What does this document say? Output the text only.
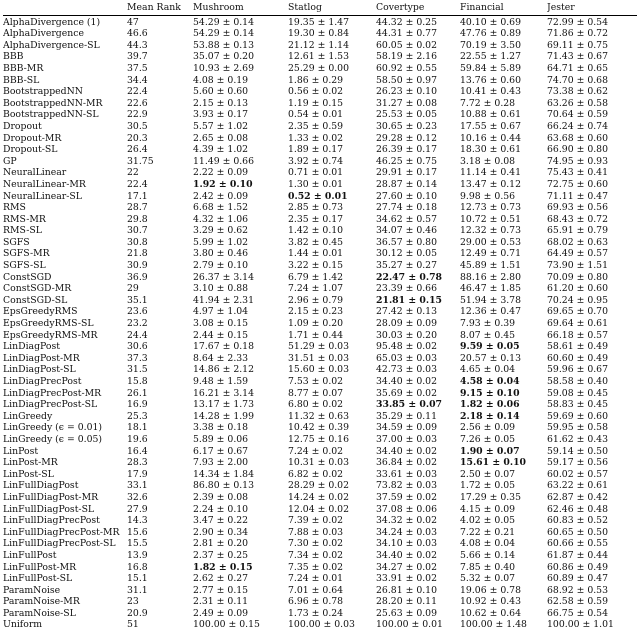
	Mean Rank	Mushroom	Statlog	Covertype	Financial	Jester
AlphaDivergence (1)	47	54.29 ± 0.14	19.35 ± 1.47	44.32 ± 0.25	40.10 ± 0.69	72.99 ± 0.54
AlphaDivergence	46.6	54.29 ± 0.14	19.30 ± 0.84	44.31 ± 0.77	47.76 ± 0.89	71.86 ± 0.72
AlphaDivergence-SL	44.3	53.88 ± 0.13	21.12 ± 1.14	60.05 ± 0.02	70.19 ± 3.50	69.11 ± 0.75
BBB	39.7	35.07 ± 0.20	12.61 ± 1.53	58.19 ± 2.16	22.55 ± 1.27	71.43 ± 0.67
BBB-MR	37.5	10.93 ± 2.69	25.29 ± 0.00	60.92 ± 0.55	59.84 ± 5.89	64.71 ± 0.65
BBB-SL	34.4	4.08 ± 0.19	1.86 ± 0.29	58.50 ± 0.97	13.76 ± 0.60	74.70 ± 0.68
BootstrappedNN	22.4	5.60 ± 0.60	0.56 ± 0.02	26.23 ± 0.10	10.41 ± 0.43	73.38 ± 0.62
BootstrappedNN-MR	22.6	2.15 ± 0.13	1.19 ± 0.15	31.27 ± 0.08	7.72 ± 0.28	63.26 ± 0.58
BootstrappedNN-SL	22.9	3.93 ± 0.17	0.54 ± 0.01	25.53 ± 0.05	10.88 ± 0.61	70.64 ± 0.59
Dropout	30.5	5.57 ± 1.02	2.35 ± 0.59	30.65 ± 0.23	17.55 ± 0.67	66.24 ± 0.74
Dropout-MR	20.3	2.65 ± 0.08	1.33 ± 0.02	29.28 ± 0.12	10.16 ± 0.44	63.68 ± 0.60
Dropout-SL	26.4	4.39 ± 1.02	1.89 ± 0.17	26.39 ± 0.17	18.30 ± 0.61	66.90 ± 0.80
GP	31.75	11.49 ± 0.66	3.92 ± 0.74	46.25 ± 0.75	3.18 ± 0.08	74.95 ± 0.93
NeuralLinear	22	2.22 ± 0.09	0.71 ± 0.01	29.91 ± 0.17	11.14 ± 0.41	75.43 ± 0.41
NeuralLinear-MR	22.4	1.92 ± 0.10	1.30 ± 0.01	28.87 ± 0.14	13.47 ± 0.12	72.75 ± 0.60
NeuralLinear-SL	17.1	2.42 ± 0.09	0.52 ± 0.01	27.60 ± 0.10	9.98 ± 0.56	71.11 ± 0.47
RMS	28.7	6.68 ± 1.52	2.85 ± 0.73	27.74 ± 0.18	12.73 ± 0.73	69.93 ± 0.56
RMS-MR	29.8	4.32 ± 1.06	2.35 ± 0.17	34.62 ± 0.57	10.72 ± 0.51	68.43 ± 0.72
RMS-SL	30.7	3.29 ± 0.62	1.42 ± 0.10	34.07 ± 0.46	12.32 ± 0.73	65.91 ± 0.79
SGFS	30.8	5.99 ± 1.02	3.82 ± 0.45	36.57 ± 0.80	29.00 ± 0.53	68.02 ± 0.63
SGFS-MR	21.8	3.80 ± 0.46	1.44 ± 0.01	30.12 ± 0.05	12.49 ± 0.71	64.49 ± 0.57
SGFS-SL	30.9	2.79 ± 0.10	3.22 ± 0.15	35.27 ± 0.27	45.89 ± 1.51	73.90 ± 1.51
ConstSGD	36.9	26.37 ± 3.14	6.79 ± 1.42	22.47 ± 0.78	88.16 ± 2.80	70.09 ± 0.80
ConstSGD-MR	29	3.10 ± 0.88	7.24 ± 1.07	23.39 ± 0.66	46.47 ± 1.85	61.20 ± 0.60
ConstSGD-SL	35.1	41.94 ± 2.31	2.96 ± 0.79	21.81 ± 0.15	51.94 ± 3.78	70.24 ± 0.95
EpsGreedyRMS	23.6	4.97 ± 1.04	2.15 ± 0.23	27.42 ± 0.13	12.36 ± 0.47	69.65 ± 0.70
EpsGreedyRMS-SL	23.2	3.08 ± 0.15	1.09 ± 0.20	28.09 ± 0.09	7.93 ± 0.39	69.64 ± 0.61
EpsGreedyRMS-MR	24.4	2.44 ± 0.15	1.71 ± 0.44	30.03 ± 0.20	8.07 ± 0.45	66.18 ± 0.57
LinDiagPost	30.6	17.67 ± 0.18	51.29 ± 0.03	95.48 ± 0.02	9.59 ± 0.05	58.61 ± 0.49
LinDiagPost-MR	37.3	8.64 ± 2.33	31.51 ± 0.03	65.03 ± 0.03	20.57 ± 0.13	60.60 ± 0.49
LinDiagPost-SL	31.5	14.86 ± 2.12	15.60 ± 0.03	42.73 ± 0.03	4.65 ± 0.04	59.96 ± 0.67
LinDiagPrecPost	15.8	9.48 ± 1.59	7.53 ± 0.02	34.40 ± 0.02	4.58 ± 0.04	58.58 ± 0.40
LinDiagPrecPost-MR	26.1	16.21 ± 3.14	8.77 ± 0.07	35.69 ± 0.02	9.15 ± 0.10	59.08 ± 0.45
LinDiagPrecPost-SL	16.9	13.17 ± 1.73	6.80 ± 0.02	33.85 ± 0.07	1.82 ± 0.06	58.83 ± 0.45
LinGreedy	25.3	14.28 ± 1.99	11.32 ± 0.63	35.29 ± 0.11	2.18 ± 0.14	59.69 ± 0.60
LinGreedy (ϵ = 0.01)	18.1	3.38 ± 0.18	10.42 ± 0.39	34.59 ± 0.09	2.56 ± 0.09	59.95 ± 0.58
LinGreedy (ϵ = 0.05)	19.6	5.89 ± 0.06	12.75 ± 0.16	37.00 ± 0.03	7.26 ± 0.05	61.62 ± 0.43
LinPost	16.4	6.17 ± 0.67	7.24 ± 0.02	34.40 ± 0.02	1.90 ± 0.07	59.14 ± 0.50
LinPost-MR	28.3	7.93 ± 2.00	10.31 ± 0.03	36.84 ± 0.02	15.61 ± 0.10	59.17 ± 0.56
LinPost-SL	17.9	14.34 ± 1.84	6.82 ± 0.02	33.61 ± 0.03	2.50 ± 0.07	60.02 ± 0.57
LinFullDiagPost	33.1	86.80 ± 0.13	28.29 ± 0.02	73.82 ± 0.03	1.72 ± 0.05	63.22 ± 0.61
LinFullDiagPost-MR	32.6	2.39 ± 0.08	14.24 ± 0.02	37.59 ± 0.02	17.29 ± 0.35	62.87 ± 0.42
LinFullDiagPost-SL	27.9	2.24 ± 0.10	12.04 ± 0.02	37.08 ± 0.06	4.15 ± 0.09	62.46 ± 0.48
LinFullDiagPrecPost	14.3	3.47 ± 0.22	7.39 ± 0.02	34.32 ± 0.02	4.02 ± 0.05	60.83 ± 0.52
LinFullDiagPrecPost-MR	15.6	2.90 ± 0.34	7.88 ± 0.03	34.24 ± 0.03	7.22 ± 0.21	60.65 ± 0.50
LinFullDiagPrecPost-SL	15.5	2.81 ± 0.20	7.30 ± 0.02	34.10 ± 0.03	4.08 ± 0.04	60.66 ± 0.55
LinFullPost	13.9	2.37 ± 0.25	7.34 ± 0.02	34.40 ± 0.02	5.66 ± 0.14	61.87 ± 0.44
LinFullPost-MR	16.8	1.82 ± 0.15	7.35 ± 0.02	34.27 ± 0.02	7.85 ± 0.40	60.86 ± 0.49
LinFullPost-SL	15.1	2.62 ± 0.27	7.24 ± 0.01	33.91 ± 0.02	5.32 ± 0.07	60.89 ± 0.47
ParamNoise	31.1	2.77 ± 0.15	7.01 ± 0.64	26.81 ± 0.10	19.06 ± 0.78	68.92 ± 0.53
ParamNoise-MR	23	2.31 ± 0.11	6.96 ± 0.78	28.20 ± 0.11	10.92 ± 0.43	62.58 ± 0.59
ParamNoise-SL	20.9	2.49 ± 0.09	1.73 ± 0.24	25.63 ± 0.09	10.62 ± 0.64	66.75 ± 0.54
Uniform	51	100.00 ± 0.15	100.00 ± 0.03	100.00 ± 0.01	100.00 ± 1.48	100.00 ± 1.01
